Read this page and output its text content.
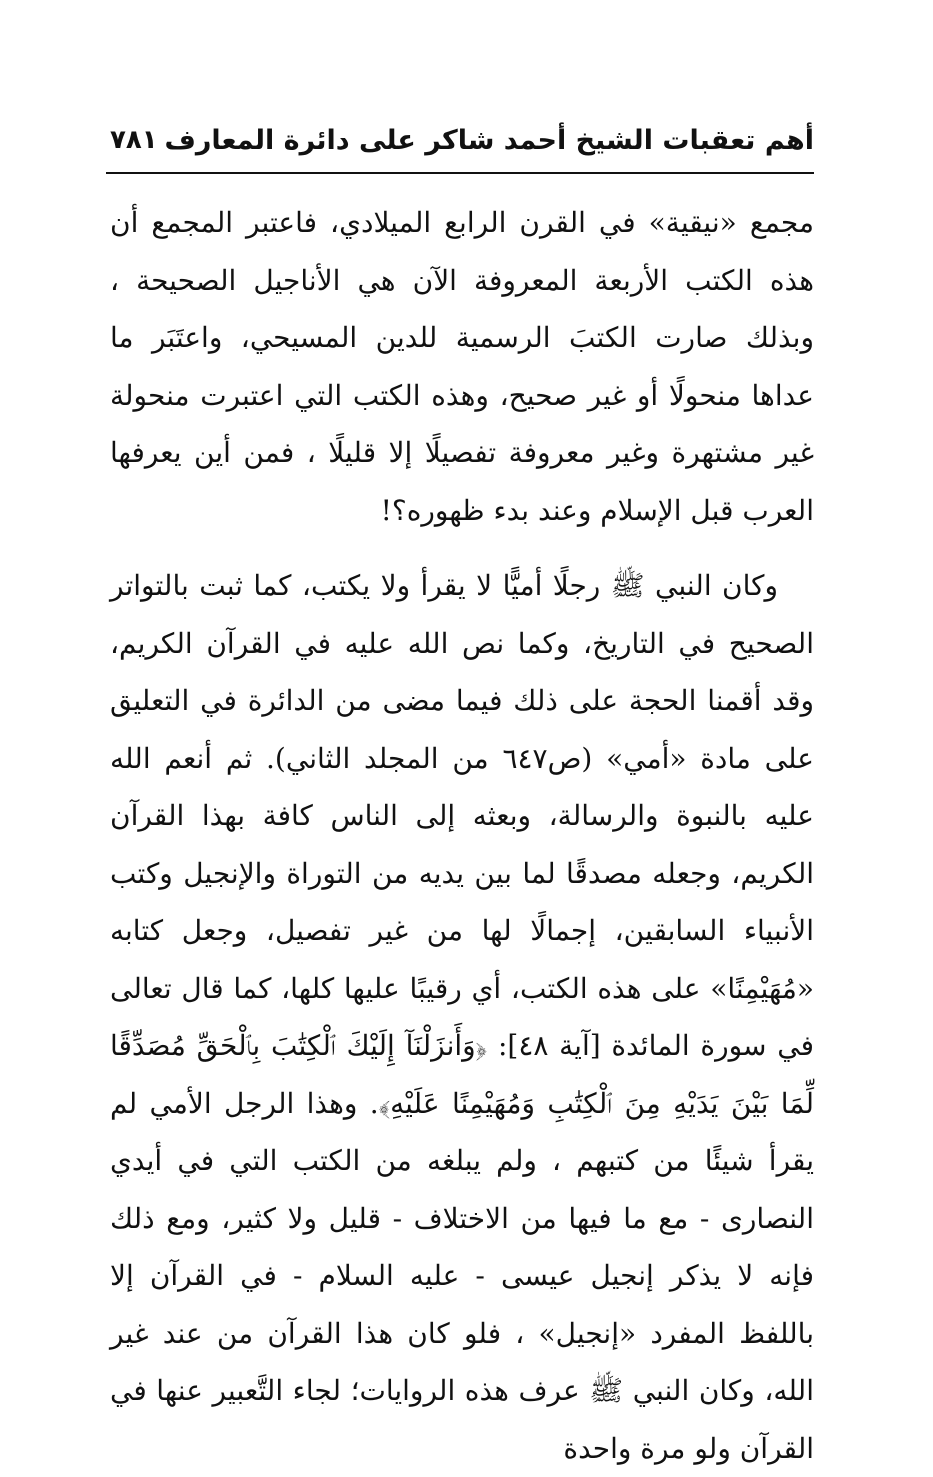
أهم تعقبات الشيخ أحمد شاكر على دائرة المعارف
٧٨١

مجمع «نيقية» في القرن الرابع الميلادي، فاعتبر المجمع أن هذه الكتب الأربعة المعروفة الآن هي الأناجيل الصحيحة ، وبذلك صارت الكتبَ الرسمية للدين المسيحي، واعتَبَر ما عداها منحولًا أو غير صحيح، وهذه الكتب التي اعتبرت منحولة غير مشتهرة وغير معروفة تفصيلًا إلا قليلًا ، فمن أين يعرفها العرب قبل الإسلام وعند بدء ظهوره؟!

وكان النبي ﷺ رجلًا أميًّا لا يقرأ ولا يكتب، كما ثبت بالتواتر الصحيح في التاريخ، وكما نص الله عليه في القرآن الكريم، وقد أقمنا الحجة على ذلك فيما مضى من الدائرة في التعليق على مادة «أمي» (ص٦٤٧ من المجلد الثاني). ثم أنعم الله عليه بالنبوة والرسالة، وبعثه إلى الناس كافة بهذا القرآن الكريم، وجعله مصدقًا لما بين يديه من التوراة والإنجيل وكتب الأنبياء السابقين، إجمالًا لها من غير تفصيل، وجعل كتابه «مُهَيْمِنًا» على هذه الكتب، أي رقيبًا عليها كلها، كما قال تعالى في سورة المائدة [آية ٤٨]: ﴿وَأَنزَلْنَآ إِلَيْكَ ٱلْكِتَٰبَ بِٱلْحَقِّ مُصَدِّقًا لِّمَا بَيْنَ يَدَيْهِ مِنَ ٱلْكِتَٰبِ وَمُهَيْمِنًا عَلَيْهِ﴾. وهذا الرجل الأمي لم يقرأ شيئًا من كتبهم ، ولم يبلغه من الكتب التي في أيدي النصارى - مع ما فيها من الاختلاف - قليل ولا كثير، ومع ذلك فإنه لا يذكر إنجيل عيسى - عليه السلام - في القرآن إلا باللفظ المفرد «إنجيل» ، فلو كان هذا القرآن من عند غير الله، وكان النبي ﷺ عرف هذه الروايات؛ لجاء التَّعبير عنها في القرآن ولو مرة واحدة
